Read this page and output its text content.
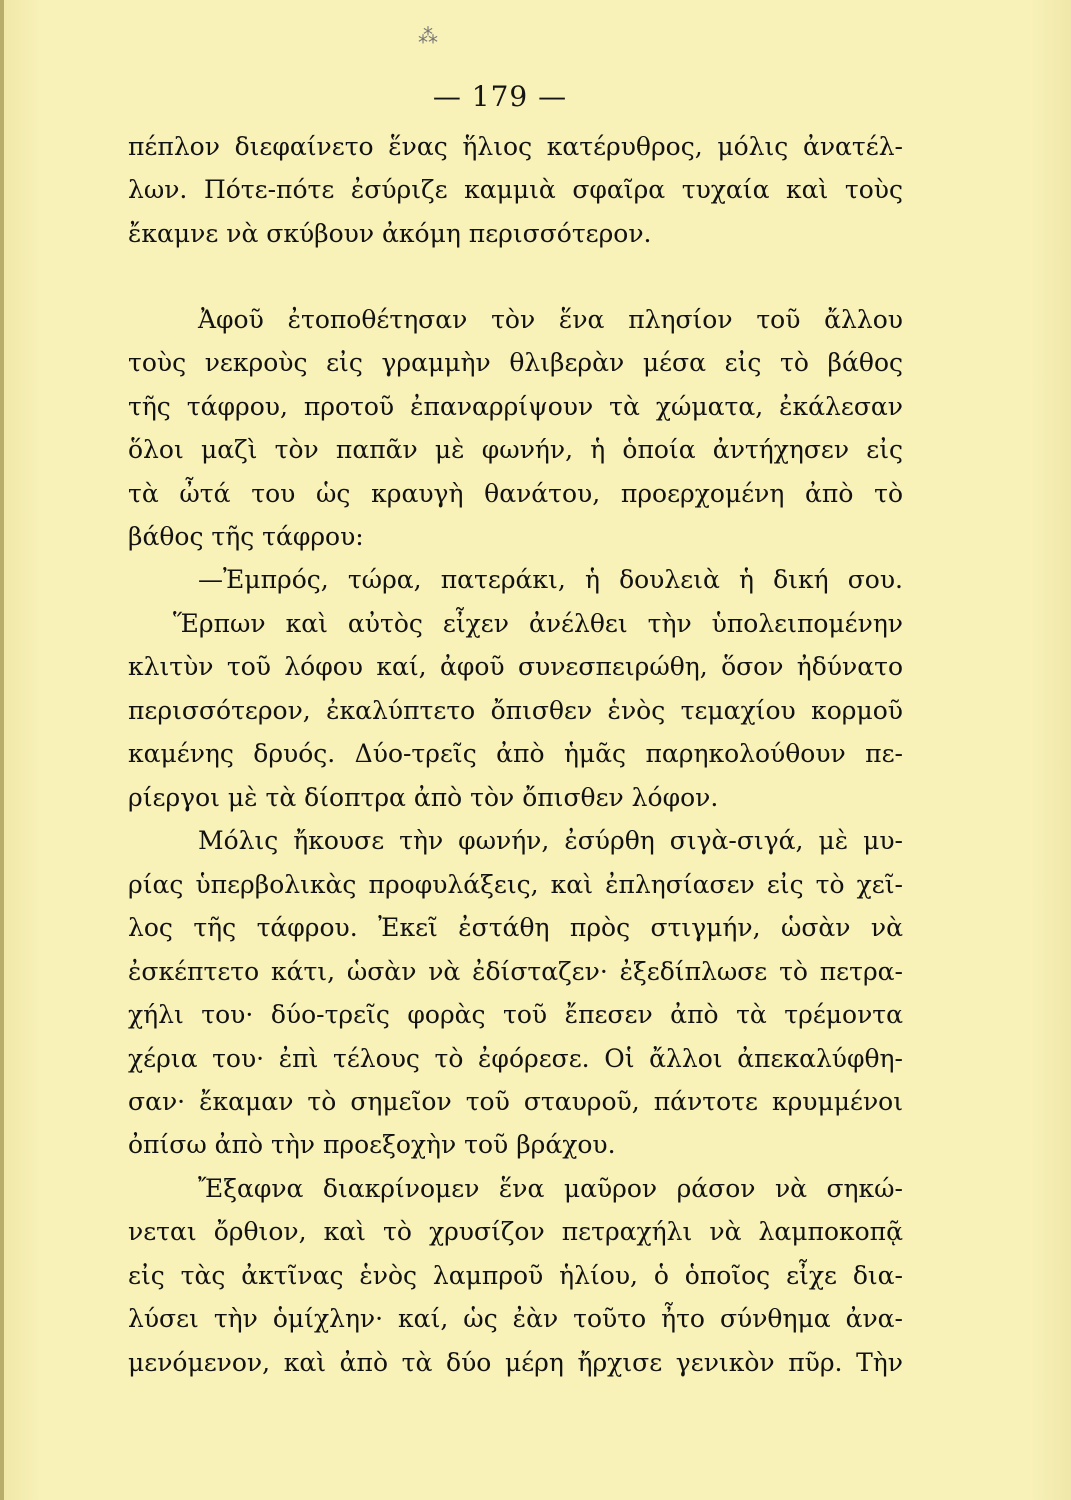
⁂
— 179 —
πέπλον διεφαίνετο ἕνας ἥλιος κατέρυθρος, μόλις ἀνατέλ-
λων. Πότε-πότε ἐσύριζε καμμιὰ σφαῖρα τυχαία καὶ τοὺς
ἔκαμνε νὰ σκύβουν ἀκόμη περισσότερον.
Ἀφοῦ ἐτοποθέτησαν τὸν ἕνα πλησίον τοῦ ἄλλου
τοὺς νεκροὺς εἰς γραμμὴν θλιβερὰν μέσα εἰς τὸ βάθος
τῆς τάφρου, προτοῦ ἐπαναρρίψουν τὰ χώματα, ἐκάλεσαν
ὅλοι μαζὶ τὸν παπᾶν μὲ φωνήν, ἡ ὁποία ἀντήχησεν εἰς
τὰ ὦτά του ὡς κραυγὴ θανάτου, προερχομένη ἀπὸ τὸ
βάθος τῆς τάφρου:
—Ἐμπρός, τώρα, πατεράκι, ἡ δουλειὰ ἡ δική σου.
Ἕρπων καὶ αὐτὸς εἶχεν ἀνέλθει τὴν ὑπολειπομένην
κλιτὺν τοῦ λόφου καί, ἀφοῦ συνεσπειρώθη, ὅσον ἠδύνατο
περισσότερον, ἐκαλύπτετο ὄπισθεν ἑνὸς τεμαχίου κορμοῦ
καμένης δρυός. Δύο-τρεῖς ἀπὸ ἡμᾶς παρηκολούθουν πε-
ρίεργοι μὲ τὰ δίοπτρα ἀπὸ τὸν ὄπισθεν λόφον.
Μόλις ἤκουσε τὴν φωνήν, ἐσύρθη σιγὰ-σιγά, μὲ μυ-
ρίας ὑπερβολικὰς προφυλάξεις, καὶ ἐπλησίασεν εἰς τὸ χεῖ-
λος τῆς τάφρου. Ἐκεῖ ἐστάθη πρὸς στιγμήν, ὡσὰν νὰ
ἐσκέπτετο κάτι, ὡσὰν νὰ ἐδίσταζεν· ἐξεδίπλωσε τὸ πετρα-
χήλι του· δύο-τρεῖς φορὰς τοῦ ἔπεσεν ἀπὸ τὰ τρέμοντα
χέρια του· ἐπὶ τέλους τὸ ἐφόρεσε. Οἱ ἄλλοι ἀπεκαλύφθη-
σαν· ἔκαμαν τὸ σημεῖον τοῦ σταυροῦ, πάντοτε κρυμμένοι
ὀπίσω ἀπὸ τὴν προεξοχὴν τοῦ βράχου.
Ἔξαφνα διακρίνομεν ἕνα μαῦρον ράσον νὰ σηκώ-
νεται ὄρθιον, καὶ τὸ χρυσίζον πετραχήλι νὰ λαμποκοπᾷ
εἰς τὰς ἀκτῖνας ἑνὸς λαμπροῦ ἡλίου, ὁ ὁποῖος εἶχε δια-
λύσει τὴν ὁμίχλην· καί, ὡς ἐὰν τοῦτο ἦτο σύνθημα ἀνα-
μενόμενον, καὶ ἀπὸ τὰ δύο μέρη ἤρχισε γενικὸν πῦρ. Τὴν
